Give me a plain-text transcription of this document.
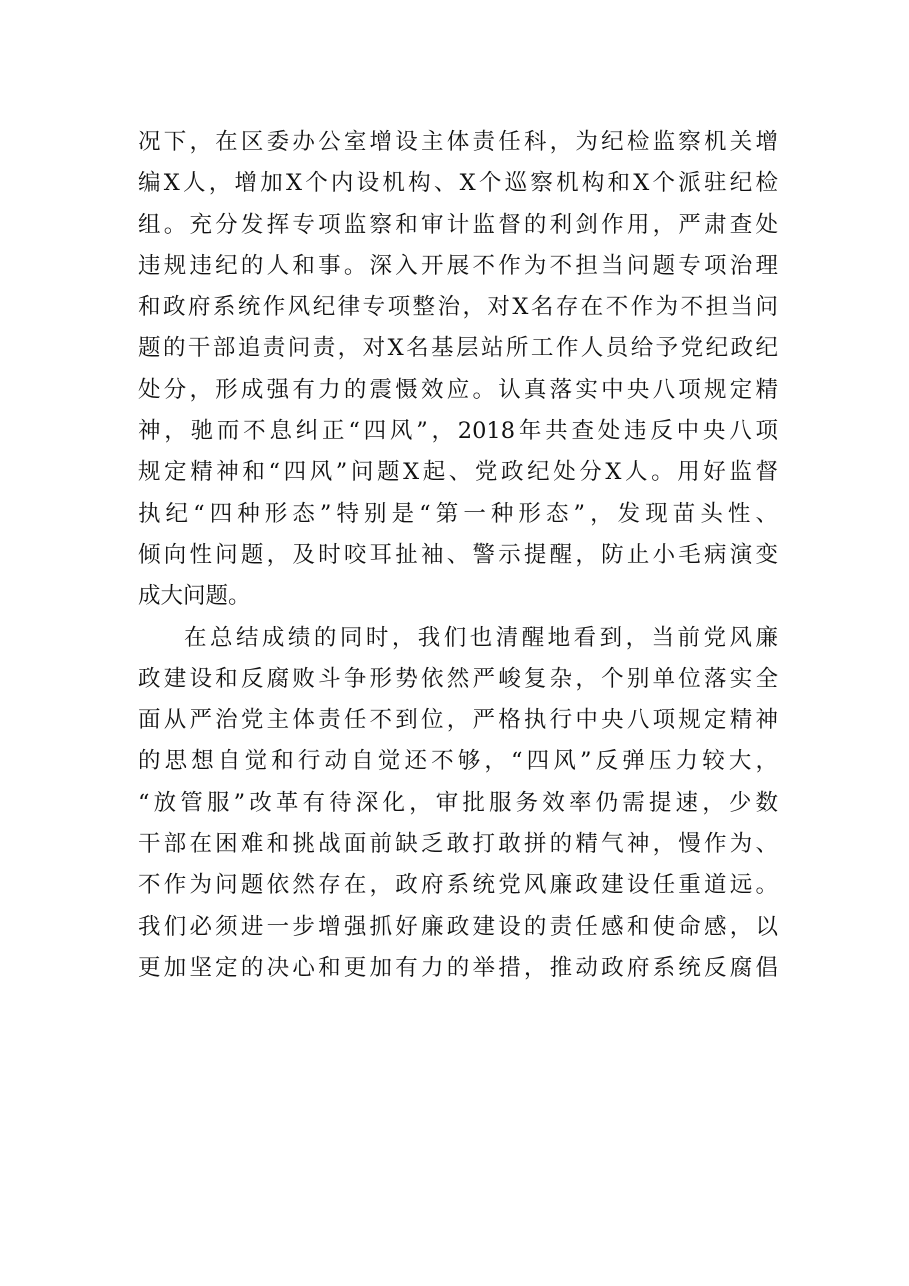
况下，在区委办公室增设主体责任科，为纪检监察机关增
编X人，增加X个内设机构、X个巡察机构和X个派驻纪检
组。充分发挥专项监察和审计监督的利剑作用，严肃查处
违规违纪的人和事。深入开展不作为不担当问题专项治理
和政府系统作风纪律专项整治，对X名存在不作为不担当问
题的干部追责问责，对X名基层站所工作人员给予党纪政纪
处分，形成强有力的震慑效应。认真落实中央八项规定精
神，驰而不息纠正“四风”，2018年共查处违反中央八项
规定精神和“四风”问题X起、党政纪处分X人。用好监督
执纪“四种形态”特别是“第一种形态”，发现苗头性、
倾向性问题，及时咬耳扯袖、警示提醒，防止小毛病演变
成大问题。
在总结成绩的同时，我们也清醒地看到，当前党风廉
政建设和反腐败斗争形势依然严峻复杂，个别单位落实全
面从严治党主体责任不到位，严格执行中央八项规定精神
的思想自觉和行动自觉还不够，“四风”反弹压力较大，
“放管服”改革有待深化，审批服务效率仍需提速，少数
干部在困难和挑战面前缺乏敢打敢拼的精气神，慢作为、
不作为问题依然存在，政府系统党风廉政建设任重道远。
我们必须进一步增强抓好廉政建设的责任感和使命感，以
更加坚定的决心和更加有力的举措，推动政府系统反腐倡
